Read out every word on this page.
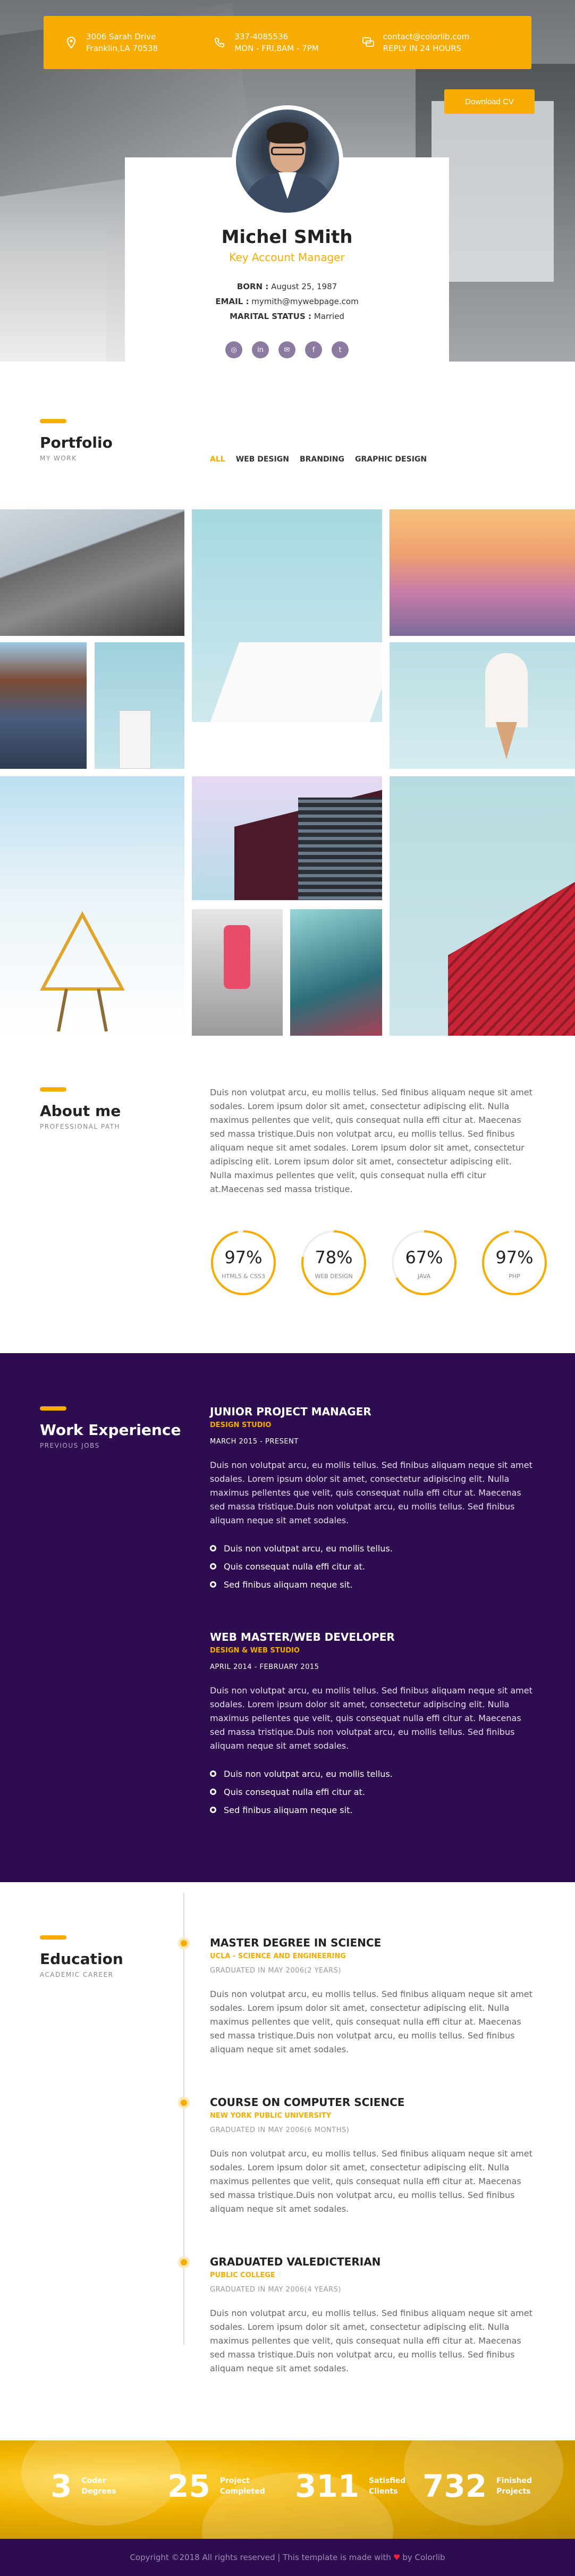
3006 Sarah Drive
Franklin,LA 70538
337-4085536
MON - FRI,8AM - 7PM
contact@colorlib.com
REPLY IN 24 HOURS
Download CV
Michel SMith
Key Account Manager
BORN : August 25, 1987
EMAIL : mymith@mywebpage.com
MARITAL STATUS : Married
◎	in	✉	f	t
Portfolio
MY WORK	ALL WEB DESIGN BRANDING GRAPHIC DESIGN
About me
PROFESSIONAL PATH
Duis non volutpat arcu, eu mollis tellus. Sed finibus aliquam neque sit amet sodales. Lorem ipsum dolor sit amet, consectetur adipiscing elit. Nulla maximus pellentes que velit, quis consequat nulla effi citur at. Maecenas sed massa tristique.Duis non volutpat arcu, eu mollis tellus. Sed finibus aliquam neque sit amet sodales. Lorem ipsum dolor sit amet, consectetur adipiscing elit. Lorem ipsum dolor sit amet, consectetur adipiscing elit. Nulla maximus pellentes que velit, quis consequat nulla effi citur at.Maecenas sed massa tristique.
97%
HTML5 & CSS3
78%
WEB DESIGN
67%
JAVA
97%
PHP
Work Experience
PREVIOUS JOBS
JUNIOR PROJECT MANAGER
DESIGN STUDIO
MARCH 2015 - PRESENT
Duis non volutpat arcu, eu mollis tellus. Sed finibus aliquam neque sit amet sodales. Lorem ipsum dolor sit amet, consectetur adipiscing elit. Nulla maximus pellentes que velit, quis consequat nulla effi citur at. Maecenas sed massa tristique.Duis non volutpat arcu, eu mollis tellus. Sed finibus aliquam neque sit amet sodales.
Duis non volutpat arcu, eu mollis tellus.
Quis consequat nulla effi citur at.
Sed finibus aliquam neque sit.
WEB MASTER/WEB DEVELOPER
DESIGN & WEB STUDIO
APRIL 2014 - FEBRUARY 2015
Duis non volutpat arcu, eu mollis tellus. Sed finibus aliquam neque sit amet sodales. Lorem ipsum dolor sit amet, consectetur adipiscing elit. Nulla maximus pellentes que velit, quis consequat nulla effi citur at. Maecenas sed massa tristique.Duis non volutpat arcu, eu mollis tellus. Sed finibus aliquam neque sit amet sodales.
Duis non volutpat arcu, eu mollis tellus.
Quis consequat nulla effi citur at.
Sed finibus aliquam neque sit.
Education
ACADEMIC CAREER
MASTER DEGREE IN SCIENCE
UCLA - SCIENCE AND ENGINEERING
GRADUATED IN MAY 2006(2 YEARS)
Duis non volutpat arcu, eu mollis tellus. Sed finibus aliquam neque sit amet sodales. Lorem ipsum dolor sit amet, consectetur adipiscing elit. Nulla maximus pellentes que velit, quis consequat nulla effi citur at. Maecenas sed massa tristique.Duis non volutpat arcu, eu mollis tellus. Sed finibus aliquam neque sit amet sodales.
COURSE ON COMPUTER SCIENCE
NEW YORK PUBLIC UNIVERSITY
GRADUATED IN MAY 2006(6 MONTHS)
Duis non volutpat arcu, eu mollis tellus. Sed finibus aliquam neque sit amet sodales. Lorem ipsum dolor sit amet, consectetur adipiscing elit. Nulla maximus pellentes que velit, quis consequat nulla effi citur at. Maecenas sed massa tristique.Duis non volutpat arcu, eu mollis tellus. Sed finibus aliquam neque sit amet sodales.
GRADUATED VALEDICTERIAN
PUBLIC COLLEGE
GRADUATED IN MAY 2006(4 YEARS)
Duis non volutpat arcu, eu mollis tellus. Sed finibus aliquam neque sit amet sodales. Lorem ipsum dolor sit amet, consectetur adipiscing elit. Nulla maximus pellentes que velit, quis consequat nulla effi citur at. Maecenas sed massa tristique.Duis non volutpat arcu, eu mollis tellus. Sed finibus aliquam neque sit amet sodales.
3 Coder
Degrees 25 Project
Completed 311 Satisfied
Clients 732 Finished
Projects
Copyright ©2018 All rights reserved | This template is made with ♥ by Colorlib
